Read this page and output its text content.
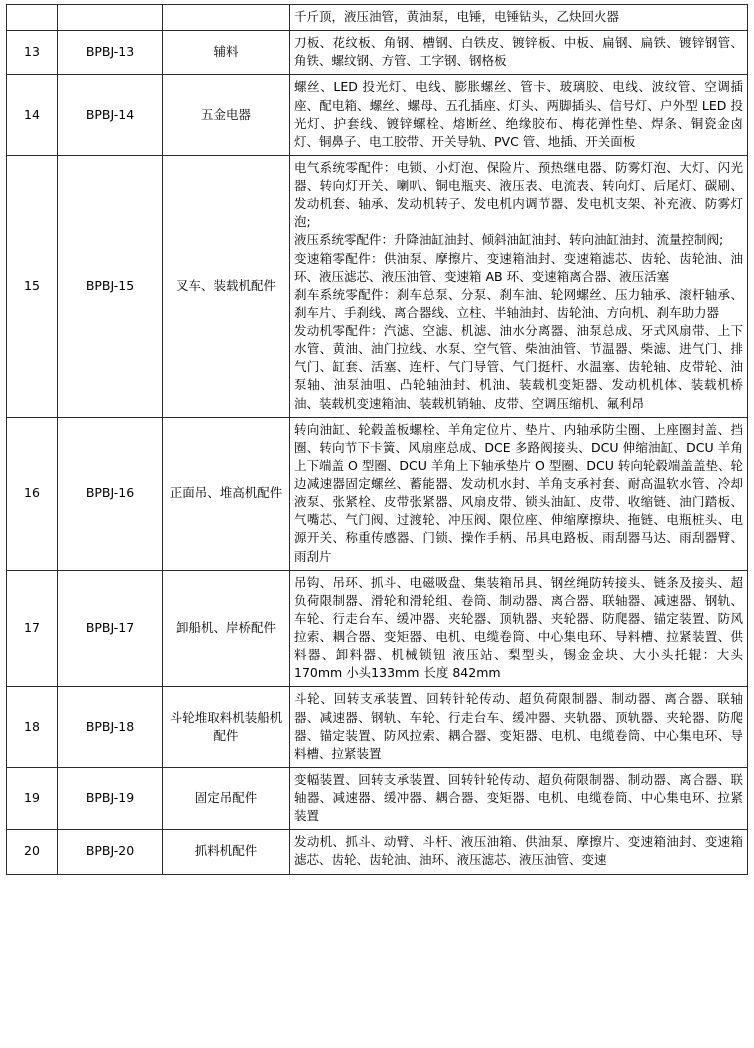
			千斤顶，液压油管，黄油泵，电锤，电锤钻头，乙炔回火器

13	BPBJ-13	辅料	刀板、花纹板、角钢、槽钢、白铁皮、镀锌板、中板、扁钢、扁铁、镀锌钢管、角铁、螺纹钢、方管、工字钢、钢格板

14	BPBJ-14	五金电器	螺丝、LED 投光灯、电线、膨胀螺丝、管卡、玻璃胶、电线、波纹管、空调插座、配电箱、螺丝、螺母、五孔插座、灯头、两脚插头、信号灯、户外型 LED 投光灯、护套线、镀锌螺栓、熔断丝、绝缘胶布、梅花弹性垫、焊条、铜瓷金卤灯、铜鼻子、电工胶带、开关导轨、PVC 管、地插、开关面板

15	BPBJ-15	叉车、装载机配件	电气系统零配件：电锁、小灯泡、保险片、预热继电器、防雾灯泡、大灯、闪光器、转向灯开关、喇叭、铜电瓶夹、液压表、电流表、转向灯、后尾灯、碳刷、发动机套、轴承、发动机转子、发电机内调节器、发电机支架、补充液、防雾灯泡;

液压系统零配件：升降油缸油封、倾斜油缸油封、转向油缸油封、流量控制阀;

变速箱零配件：供油泵、摩擦片、变速箱油封、变速箱滤芯、齿轮、齿轮油、油环、液压滤芯、液压油管、变速箱 AB 环、变速箱离合器、液压活塞

刹车系统零配件：刹车总泵、分泵、刹车油、轮网螺丝、压力轴承、滚杆轴承、刹车片、手刹线、离合器线、立柱、半轴油封、齿轮油、方向机、刹车助力器

发动机零配件：汽滤、空滤、机滤、油水分离器、油泵总成、牙式风扇带、上下水管、黄油、油门拉线、水泵、空气管、柴油油管、节温器、柴滤、进气门、排气门、缸套、活塞、连杆、气门导管、气门挺杆、水温塞、齿轮轴、皮带轮、油泵轴、油泵油咀、凸轮轴油封、机油、装载机变矩器、发动机机体、装载机桥油、装载机变速箱油、装载机销轴、皮带、空调压缩机、氟利昂

16	BPBJ-16	正面吊、堆高机配件	转向油缸、轮毂盖板螺栓、羊角定位片、垫片、内轴承防尘圈、上座圈封盖、挡圈、转向节下卡簧、风扇座总成、DCE 多路阀接头、DCU 伸缩油缸、DCU 羊角上下端盖 O 型圈、DCU 羊角上下轴承垫片 O 型圈、DCU 转向轮毂端盖盖垫、轮边减速器固定螺丝、蓄能器、发动机水封、羊角支承衬套、耐高温软水管、冷却液泵、张紧栓、皮带张紧器、风扇皮带、锁头油缸、皮带、收缩链、油门踏板、气嘴芯、气门阀、过渡轮、冲压阀、限位座、伸缩摩擦块、拖链、电瓶桩头、电源开关、称重传感器、门锁、操作手柄、吊具电路板、雨刮器马达、雨刮器臂、雨刮片

17	BPBJ-17	卸船机、岸桥配件	吊钩、吊环、抓斗、电磁吸盘、集装箱吊具、钢丝绳防转接头、链条及接头、超负荷限制器、滑轮和滑轮组、卷筒、制动器、离合器、联轴器、减速器、钢轨、车轮、行走台车、缓冲器、夹轮器、顶轨器、夹轮器、防爬器、锚定装置、防风拉索、耦合器、变矩器、电机、电缆卷筒、中心集电环、导料槽、拉紧装置、供料器、卸料器、机械锁钮 液压站、梨型头，锡金金块、大小头托辊：大头170mm 小头133mm 长度 842mm

18	BPBJ-18	斗轮堆取料机装船机配件	斗轮、回转支承装置、回转针轮传动、超负荷限制器、制动器、离合器、联轴器、减速器、钢轨、车轮、行走台车、缓冲器、夹轨器、顶轨器、夹轮器、防爬器、锚定装置、防风拉索、耦合器、变矩器、电机、电缆卷筒、中心集电环、导料槽、拉紧装置

19	BPBJ-19	固定吊配件	变幅装置、回转支承装置、回转针轮传动、超负荷限制器、制动器、离合器、联轴器、减速器、缓冲器、耦合器、变矩器、电机、电缆卷筒、中心集电环、拉紧装置

20	BPBJ-20	抓料机配件	发动机、抓斗、动臂、斗杆、液压油箱、供油泵、摩擦片、变速箱油封、变速箱滤芯、齿轮、齿轮油、油环、液压滤芯、液压油管、变速
